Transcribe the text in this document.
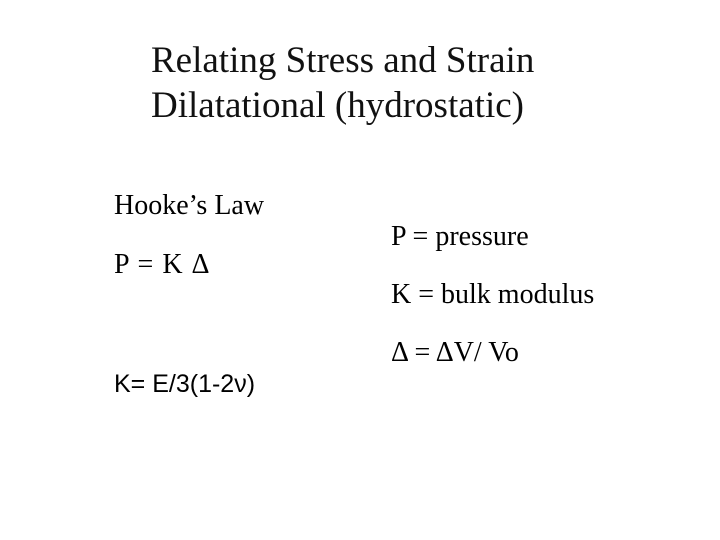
Relating Stress and Strain
Dilatational (hydrostatic)
Hooke’s Law
P = K Δ
K= E/3(1-2ν)
P = pressure
K = bulk modulus
Δ = ΔV/ Vo
